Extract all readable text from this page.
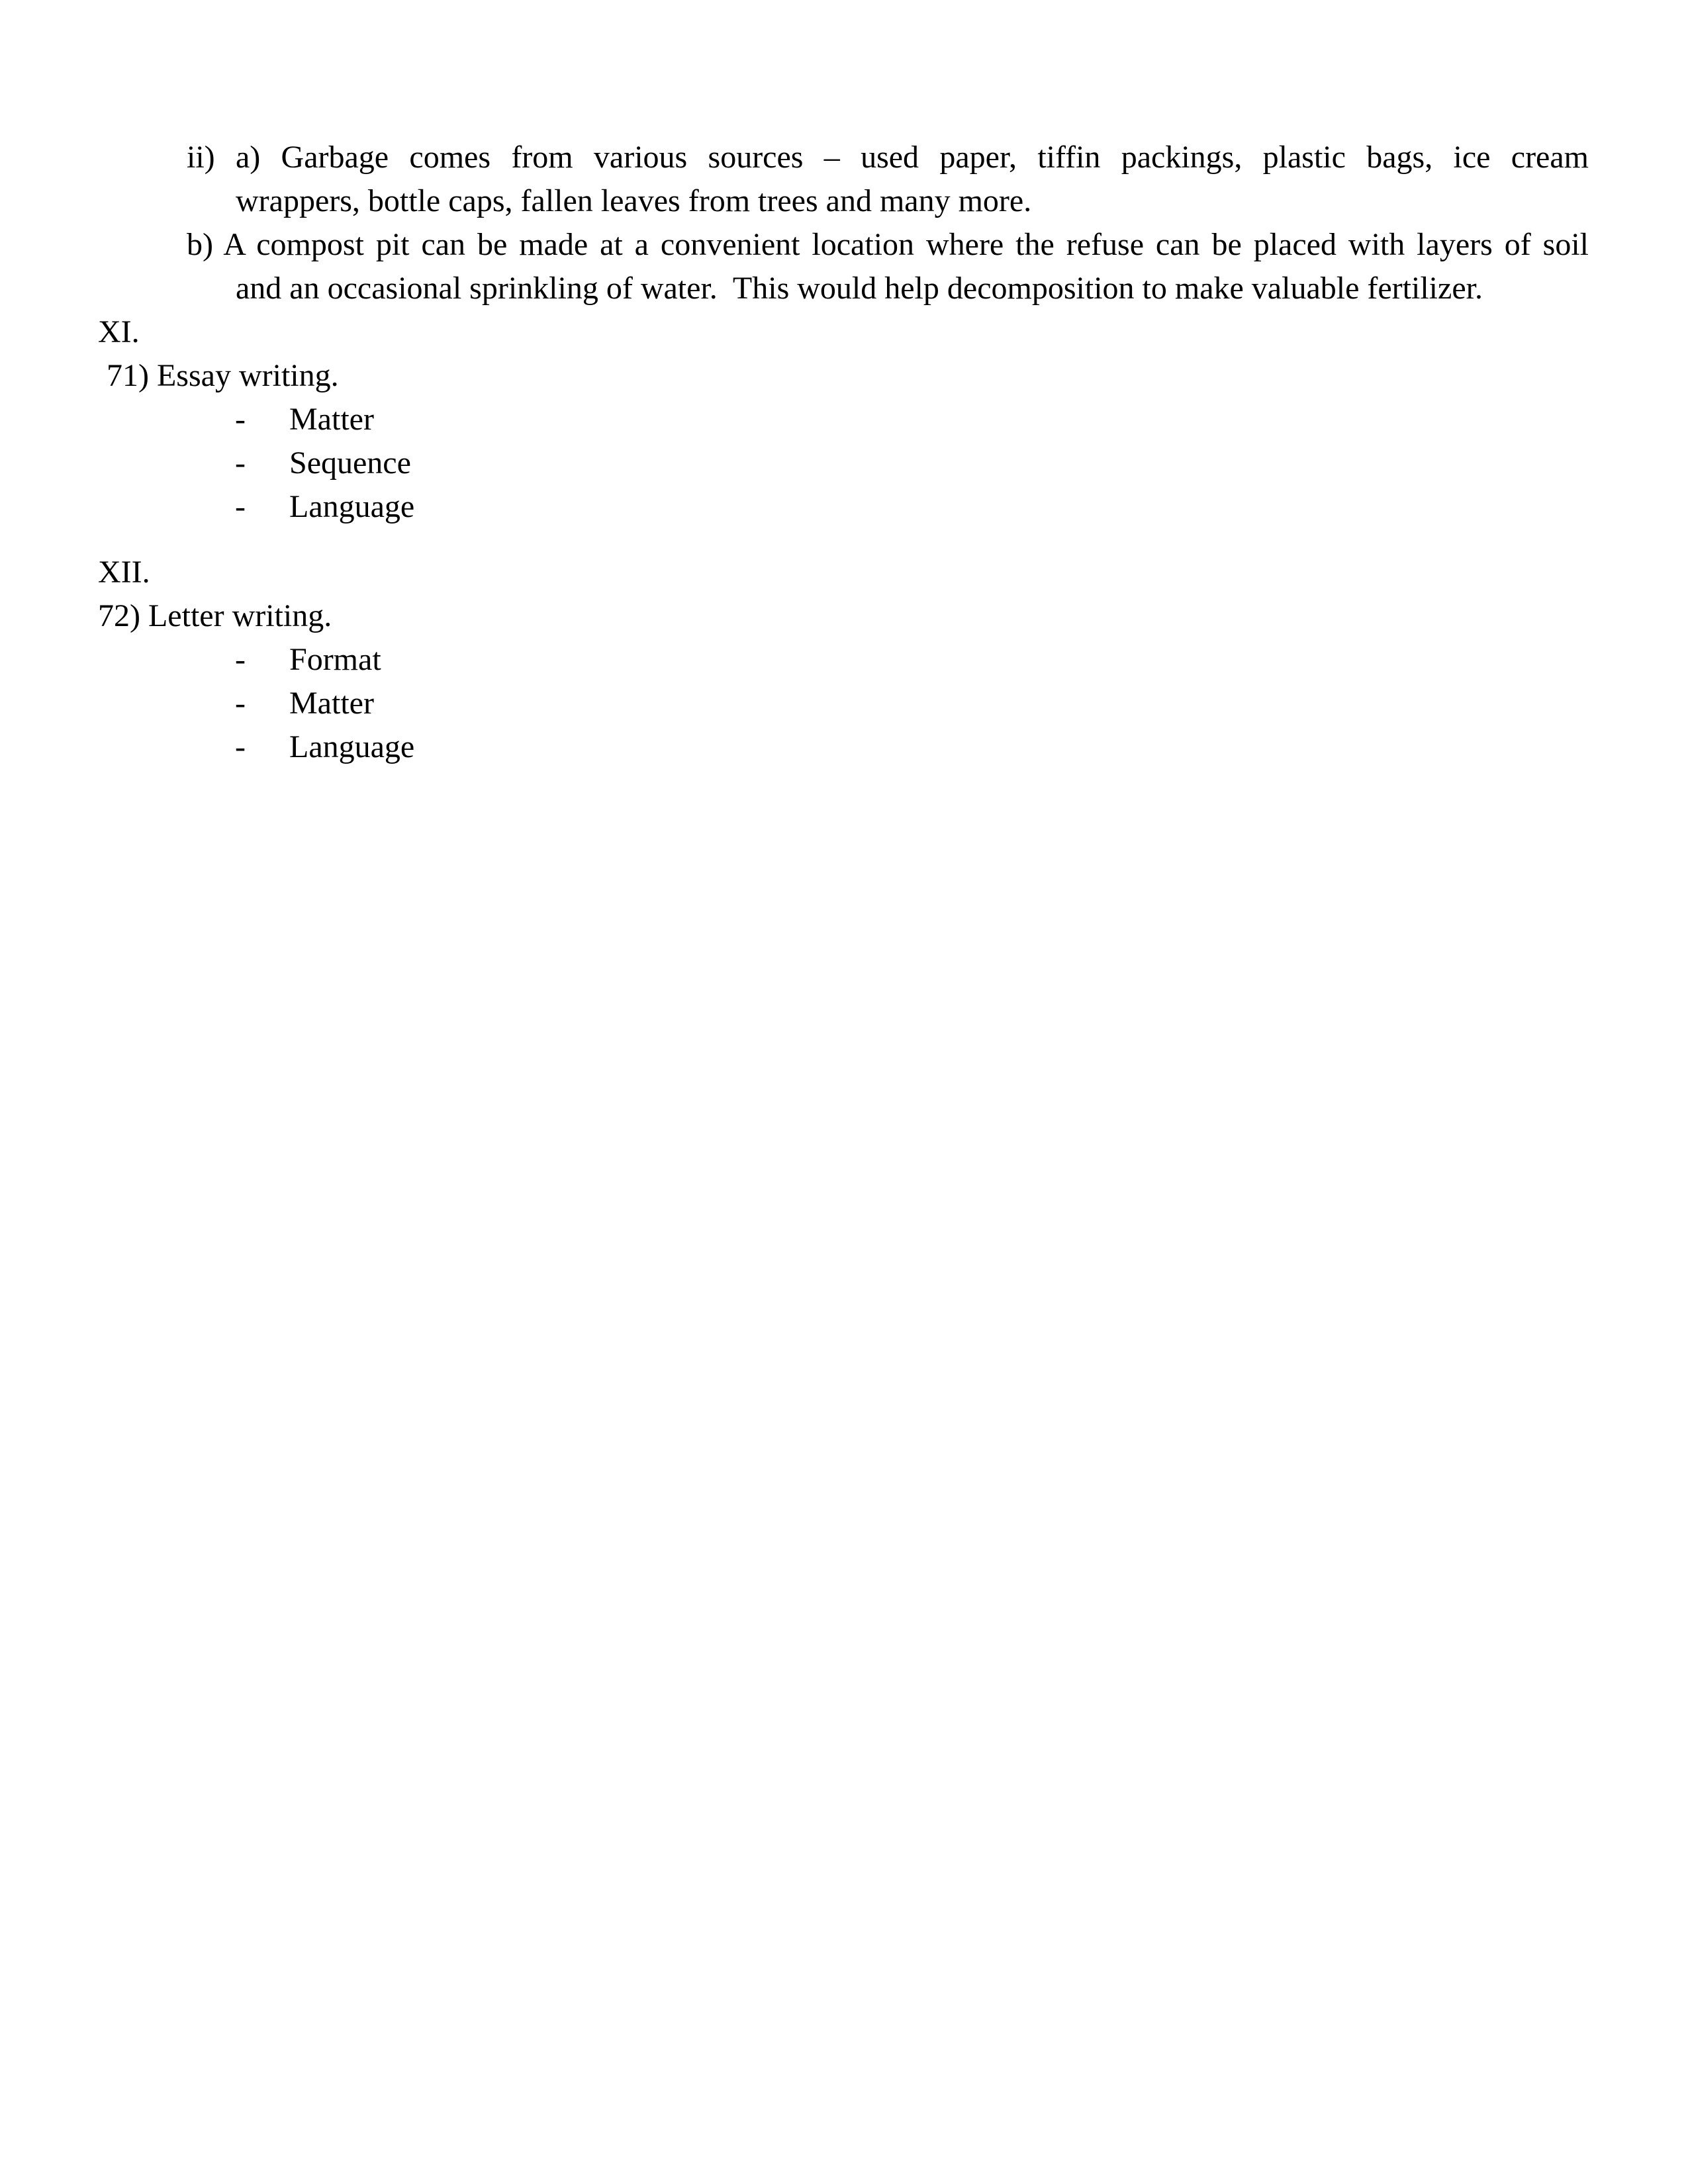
ii) a) Garbage comes from various sources – used paper, tiffin packings, plastic bags, ice cream
wrappers, bottle caps, fallen leaves from trees and many more.
b) A compost pit can be made at a convenient location where the refuse can be placed with layers of soil
and an occasional sprinkling of water.  This would help decomposition to make valuable fertilizer.
XI.
71) Essay writing.
- Matter
- Sequence
- Language
XII.
72) Letter writing.
- Format
- Matter
- Language
